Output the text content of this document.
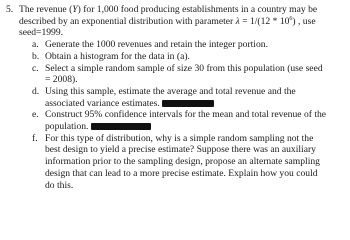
5. The revenue (Y) for 1,000 food producing establishments in a country may be
described by an exponential distribution with parameter $\lambda = 1/(12 * 10^6)$ , use
seed=1999.
a. Generate the 1000 revenues and retain the integer portion.
b. Obtain a histogram for the data in (a).
c. Select a simple random sample of size 30 from this population (use seed = 2008).
d. Using this sample, estimate the average and total revenue and the associated variance estimates.
e. Construct 95% confidence intervals for the mean and total revenue of the population.
f. For this type of distribution, why is a simple random sampling not the best design to yield a precise estimate? Suppose there was an auxiliary information prior to the sampling design, propose an alternate sampling design that can lead to a more precise estimate. Explain how you could do this.
